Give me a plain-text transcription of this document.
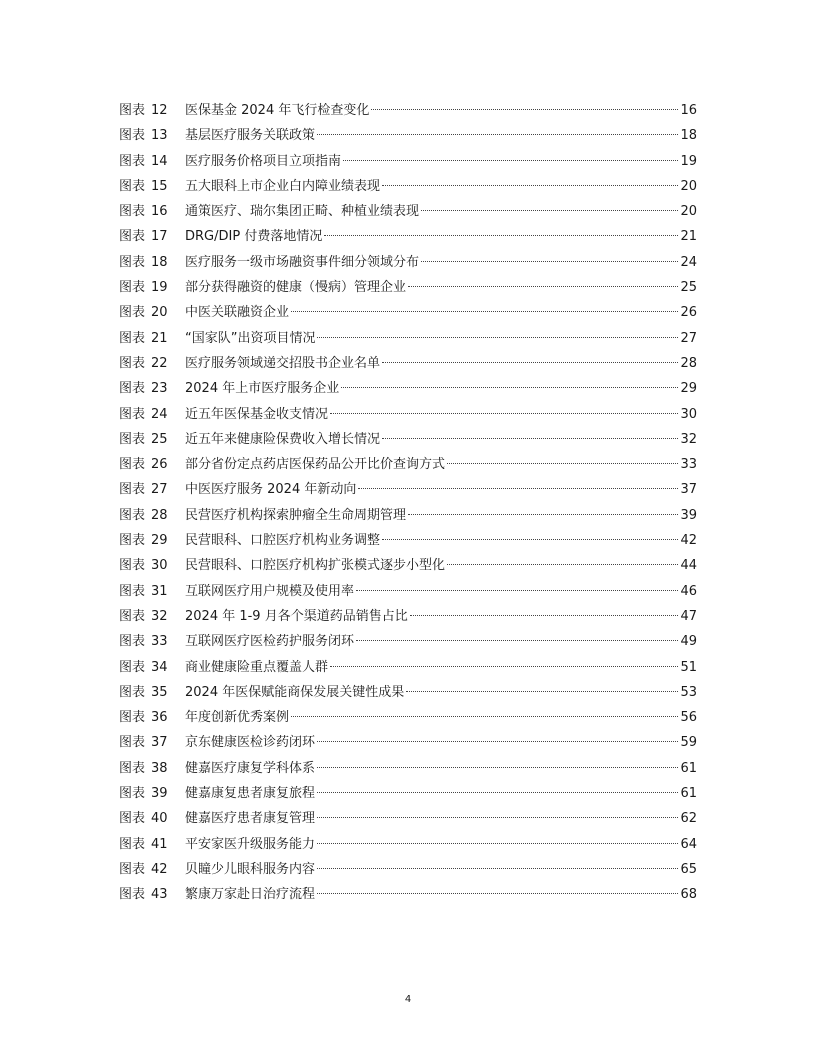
图表 12	医保基金 2024 年飞行检查变化	16
图表 13	基层医疗服务关联政策	18
图表 14	医疗服务价格项目立项指南	19
图表 15	五大眼科上市企业白内障业绩表现	20
图表 16	通策医疗、瑞尔集团正畸、种植业绩表现	20
图表 17	DRG/DIP 付费落地情况	21
图表 18	医疗服务一级市场融资事件细分领域分布	24
图表 19	部分获得融资的健康（慢病）管理企业	25
图表 20	中医关联融资企业	26
图表 21	“国家队”出资项目情况	27
图表 22	医疗服务领域递交招股书企业名单	28
图表 23	2024 年上市医疗服务企业	29
图表 24	近五年医保基金收支情况	30
图表 25	近五年来健康险保费收入增长情况	32
图表 26	部分省份定点药店医保药品公开比价查询方式	33
图表 27	中医医疗服务 2024 年新动向	37
图表 28	民营医疗机构探索肿瘤全生命周期管理	39
图表 29	民营眼科、口腔医疗机构业务调整	42
图表 30	民营眼科、口腔医疗机构扩张模式逐步小型化	44
图表 31	互联网医疗用户规模及使用率	46
图表 32	2024 年 1-9 月各个渠道药品销售占比	47
图表 33	互联网医疗医检药护服务闭环	49
图表 34	商业健康险重点覆盖人群	51
图表 35	2024 年医保赋能商保发展关键性成果	53
图表 36	年度创新优秀案例	56
图表 37	京东健康医检诊药闭环	59
图表 38	健嘉医疗康复学科体系	61
图表 39	健嘉康复患者康复旅程	61
图表 40	健嘉医疗患者康复管理	62
图表 41	平安家医升级服务能力	64
图表 42	贝瞳少儿眼科服务内容	65
图表 43	繁康万家赴日治疗流程	68
4
